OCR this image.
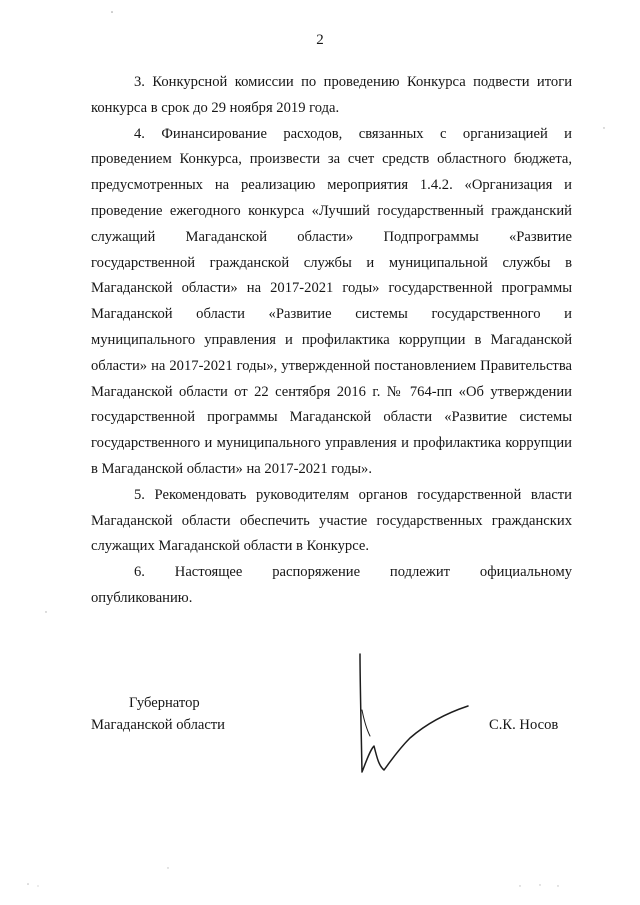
2

3. Конкурсной комиссии по проведению Конкурса подвести итоги конкурса в срок до 29 ноября 2019 года.

4. Финансирование расходов, связанных с организацией и проведением Конкурса, произвести за счет средств областного бюджета, предусмотренных на реализацию мероприятия 1.4.2. «Организация и проведение ежегодного конкурса «Лучший государственный гражданский служащий Магаданской области» Подпрограммы «Развитие государственной гражданской службы и муниципальной службы в Магаданской области» на 2017-2021 годы» государственной программы Магаданской области «Развитие системы государственного и муниципального управления и профилактика коррупции в Магаданской области» на 2017-2021 годы», утвержденной постановлением Правительства Магаданской области от 22 сентября 2016 г. № 764-пп «Об утверждении государственной программы Магаданской области «Развитие системы государственного и муниципального управления и профилактика коррупции в Магаданской области» на 2017-2021 годы».

5. Рекомендовать руководителям органов государственной власти Магаданской области обеспечить участие государственных гражданских служащих Магаданской области в Конкурсе.

6. Настоящее распоряжение подлежит официальному опубликованию.

Губернатор
Магаданской области	С.К. Носов
